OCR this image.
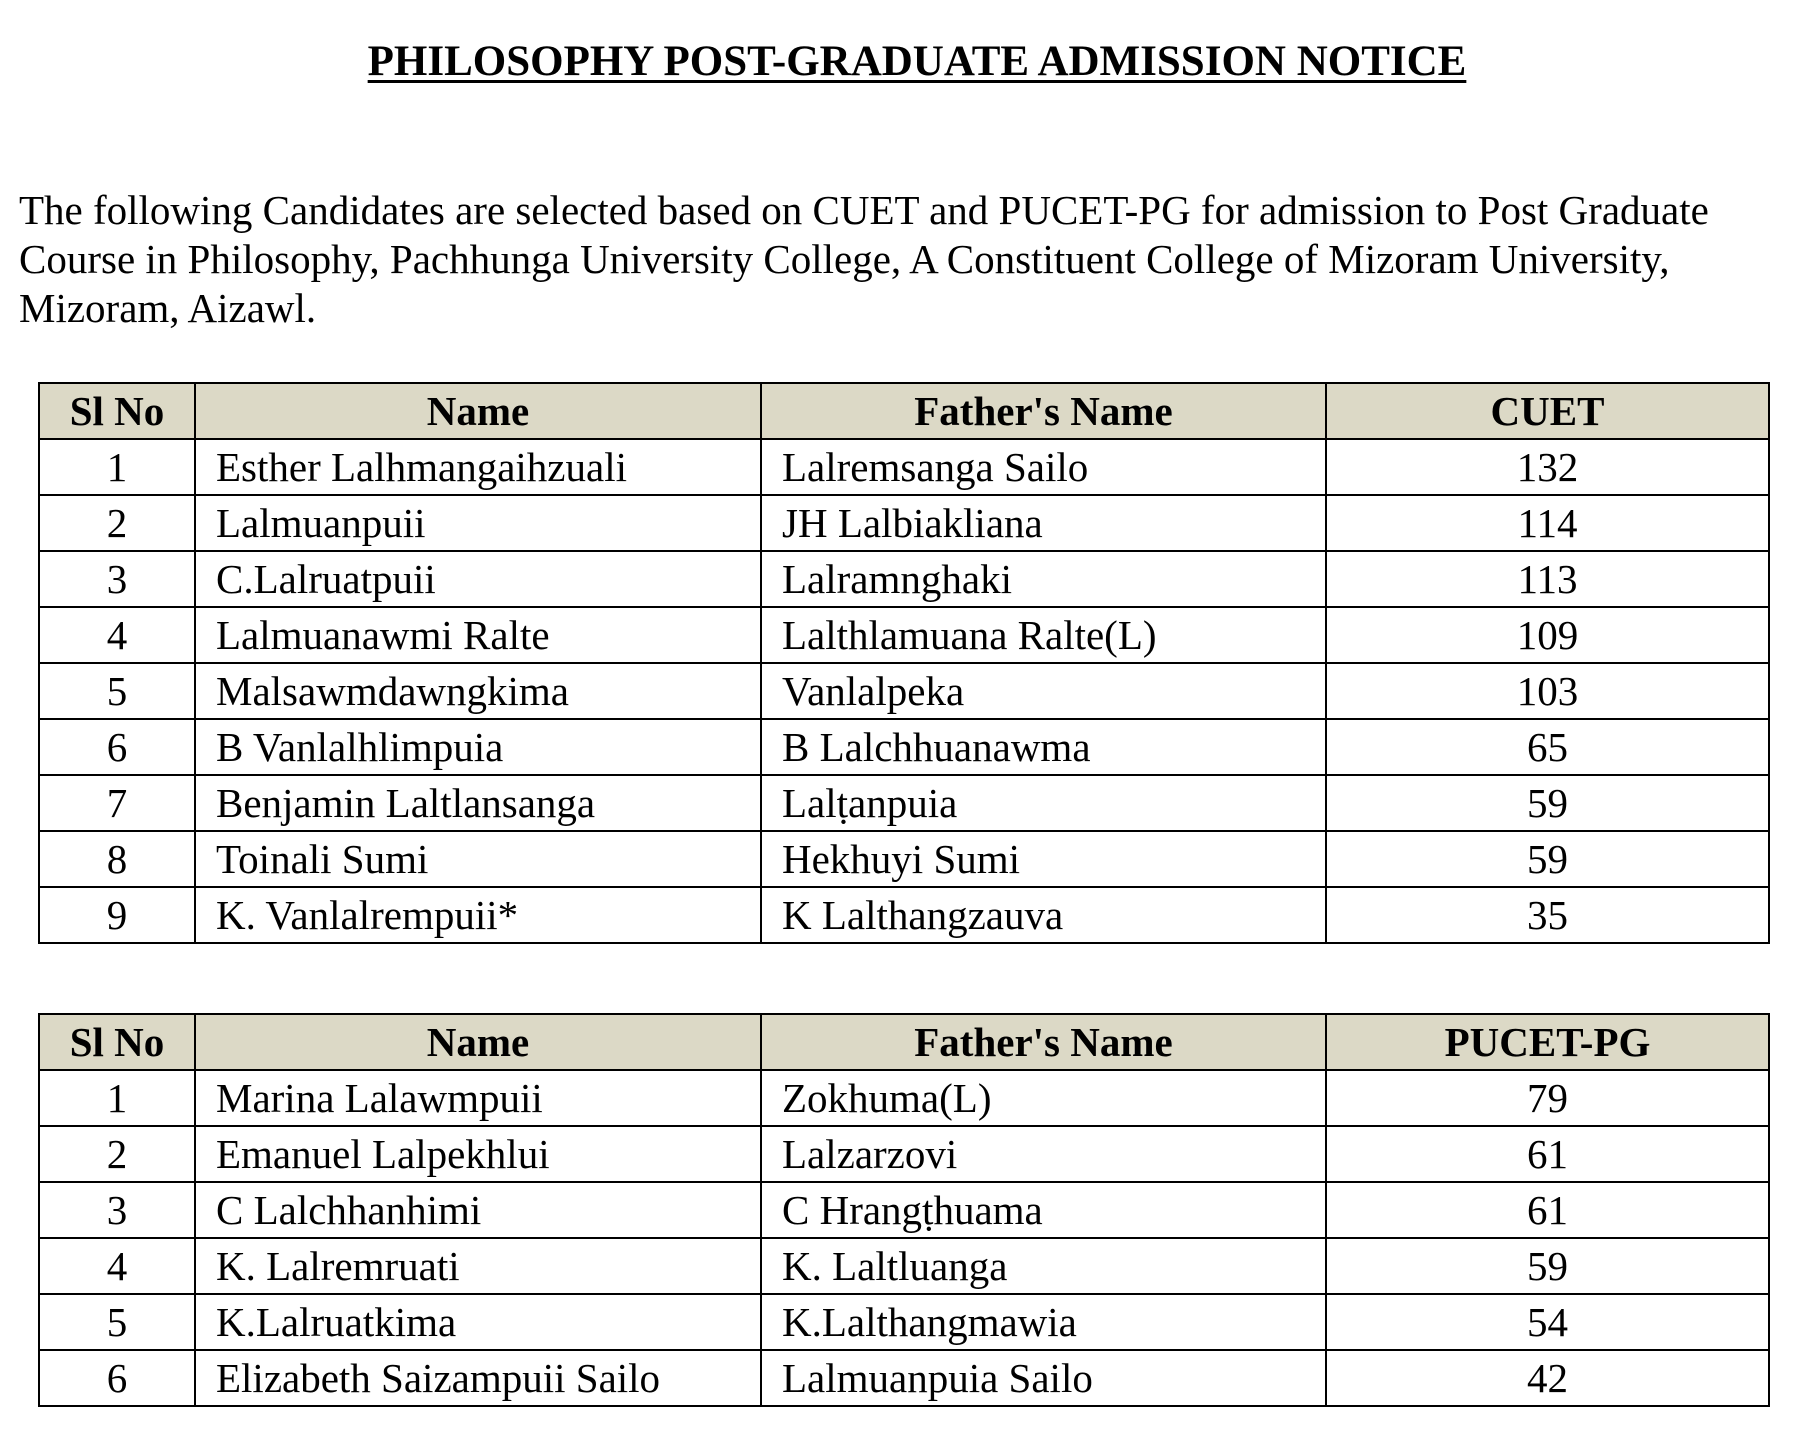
PHILOSOPHY POST-GRADUATE ADMISSION NOTICE
The following Candidates are selected based on CUET and PUCET-PG for admission to Post Graduate
Course in Philosophy, Pachhunga University College, A Constituent College of Mizoram University,
Mizoram, Aizawl.
Sl No	Name	Father's Name	CUET
1	Esther Lalhmangaihzuali	Lalremsanga Sailo	132
2	Lalmuanpuii	JH Lalbiakliana	114
3	C.Lalruatpuii	Lalramnghaki	113
4	Lalmuanawmi Ralte	Lalthlamuana Ralte(L)	109
5	Malsawmdawngkima	Vanlalpeka	103
6	B Vanlalhlimpuia	B Lalchhuanawma	65
7	Benjamin Laltlansanga	Lalṭanpuia	59
8	Toinali Sumi	Hekhuyi Sumi	59
9	K. Vanlalrempuii*	K Lalthangzauva	35
Sl No	Name	Father's Name	PUCET-PG
1	Marina Lalawmpuii	Zokhuma(L)	79
2	Emanuel Lalpekhlui	Lalzarzovi	61
3	C Lalchhanhimi	C Hrangṭhuama	61
4	K. Lalremruati	K. Laltluanga	59
5	K.Lalruatkima	K.Lalthangmawia	54
6	Elizabeth Saizampuii Sailo	Lalmuanpuia Sailo	42
